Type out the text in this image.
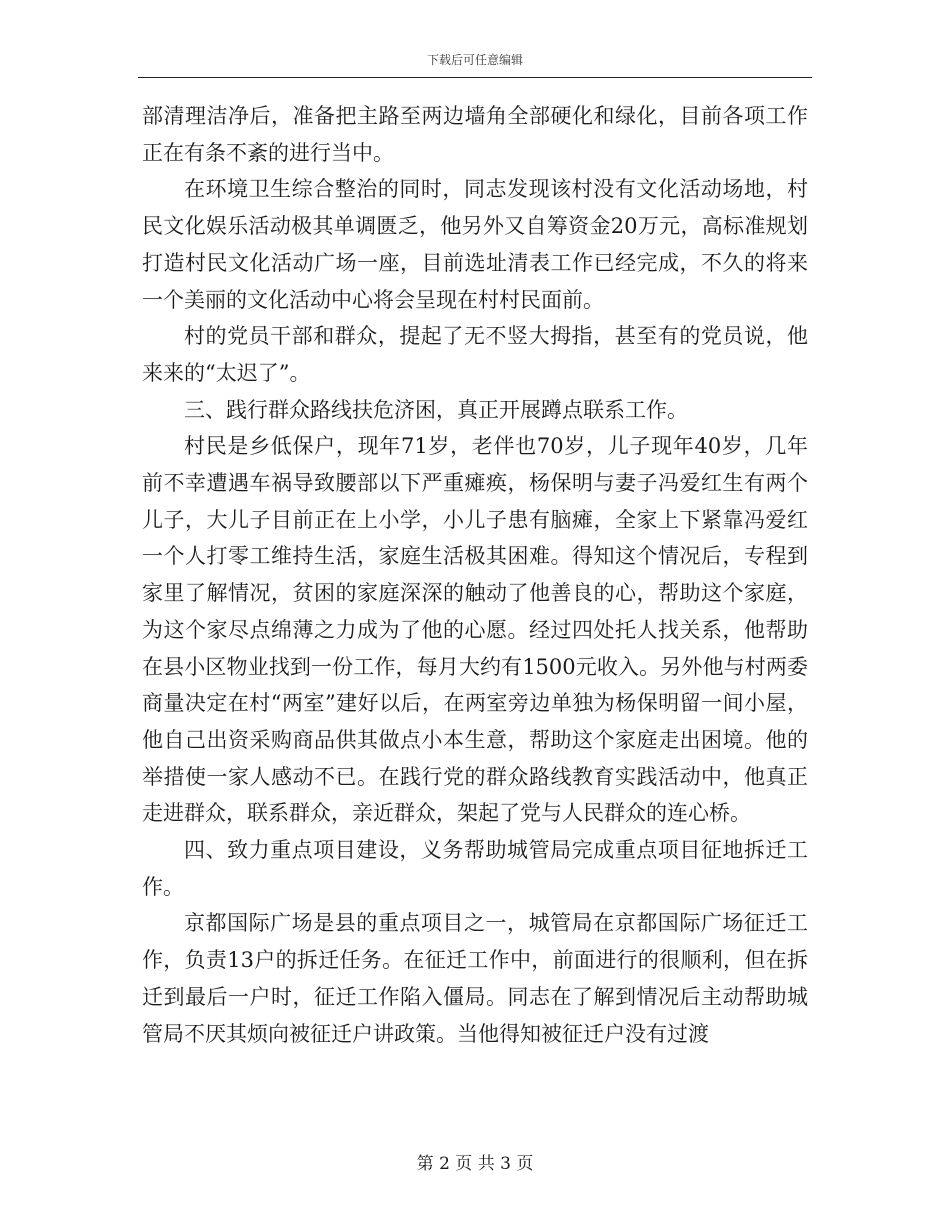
下载后可任意编辑

部清理洁净后，准备把主路至两边墙角全部硬化和绿化，目前各项工作正在有条不紊的进行当中。

在环境卫生综合整治的同时，同志发现该村没有文化活动场地，村民文化娱乐活动极其单调匮乏，他另外又自筹资金20万元，高标准规划打造村民文化活动广场一座，目前选址清表工作已经完成，不久的将来一个美丽的文化活动中心将会呈现在村村民面前。

村的党员干部和群众，提起了无不竖大拇指，甚至有的党员说，他来来的“太迟了”。

三、践行群众路线扶危济困，真正开展蹲点联系工作。

村民是乡低保户，现年71岁，老伴也70岁，儿子现年40岁，几年前不幸遭遇车祸导致腰部以下严重瘫痪，杨保明与妻子冯爱红生有两个儿子，大儿子目前正在上小学，小儿子患有脑瘫，全家上下紧靠冯爱红一个人打零工维持生活，家庭生活极其困难。得知这个情况后，专程到家里了解情况，贫困的家庭深深的触动了他善良的心，帮助这个家庭，为这个家尽点绵薄之力成为了他的心愿。经过四处托人找关系，他帮助在县小区物业找到一份工作，每月大约有1500元收入。另外他与村两委商量决定在村“两室”建好以后，在两室旁边单独为杨保明留一间小屋，他自己出资采购商品供其做点小本生意，帮助这个家庭走出困境。他的举措使一家人感动不已。在践行党的群众路线教育实践活动中，他真正走进群众，联系群众，亲近群众，架起了党与人民群众的连心桥。

四、致力重点项目建设，义务帮助城管局完成重点项目征地拆迁工作。

京都国际广场是县的重点项目之一，城管局在京都国际广场征迁工作，负责13户的拆迁任务。在征迁工作中，前面进行的很顺利，但在拆迁到最后一户时，征迁工作陷入僵局。同志在了解到情况后主动帮助城管局不厌其烦向被征迁户讲政策。当他得知被征迁户没有过渡

第 2 页 共 3 页
